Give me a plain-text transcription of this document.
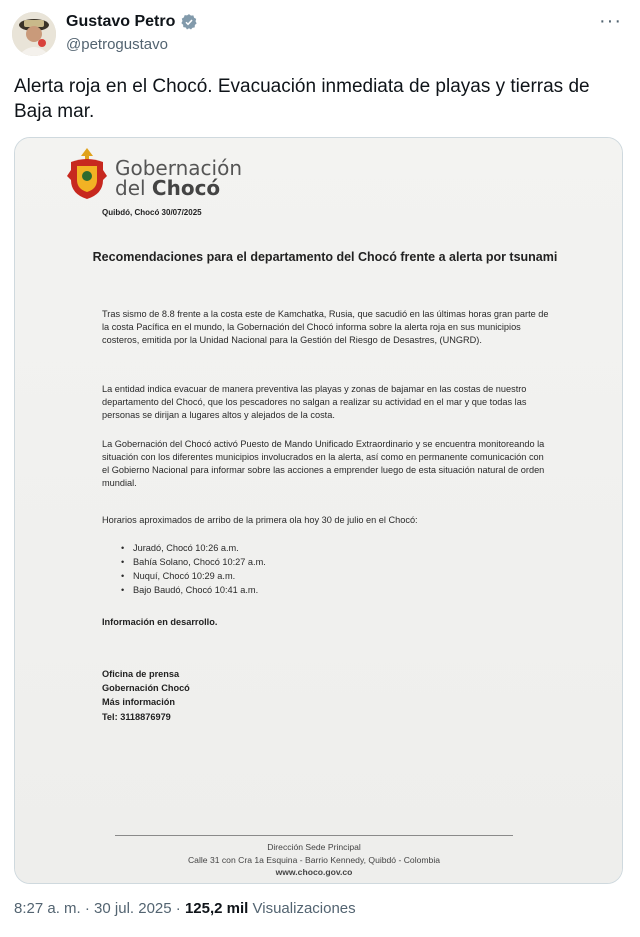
Gustavo Petro
@petrogustavo
···
Alerta roja en el Chocó. Evacuación inmediata de playas y tierras de Baja mar.
Gobernación
del Chocó
Quibdó, Chocó 30/07/2025
Recomendaciones para el departamento del Chocó frente a alerta por tsunami
Tras sismo de 8.8 frente a la costa este de Kamchatka, Rusia, que sacudió en las últimas horas gran parte de la costa Pacífica en el mundo, la Gobernación del Chocó informa sobre la alerta roja en sus municipios costeros, emitida por la Unidad Nacional para la Gestión del Riesgo de Desastres, (UNGRD).
La entidad indica evacuar de manera preventiva las playas y zonas de bajamar en las costas de nuestro departamento del Chocó, que los pescadores no salgan a realizar su actividad en el mar y que todas las personas se dirijan a lugares altos y alejados de la costa.
La Gobernación del Chocó activó Puesto de Mando Unificado Extraordinario y se encuentra monitoreando la situación con los diferentes municipios involucrados en la alerta, así como en permanente comunicación con el Gobierno Nacional para informar sobre las acciones a emprender luego de esta situación natural de orden mundial.
Horarios aproximados de arribo de la primera ola hoy 30 de julio en el Chocó:
• Juradó, Chocó 10:26 a.m.
• Bahía Solano, Chocó 10:27 a.m.
• Nuquí, Chocó 10:29 a.m.
• Bajo Baudó, Chocó 10:41 a.m.
Información en desarrollo.
Oficina de prensa
Gobernación Chocó
Más información
Tel: 3118876979
Dirección Sede Principal
Calle 31 con Cra 1a Esquina - Barrio Kennedy, Quibdó - Colombia
www.choco.gov.co
8:27 a. m. · 30 jul. 2025 · 125,2 mil Visualizaciones
